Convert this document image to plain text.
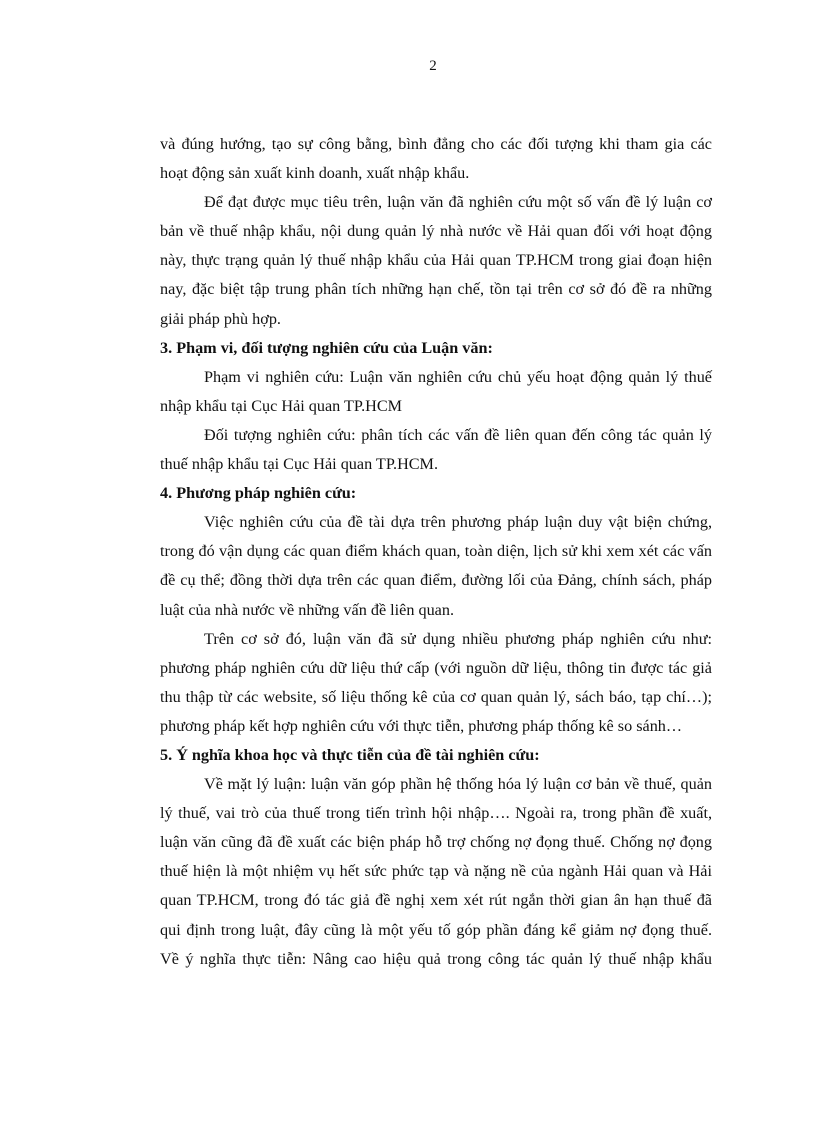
2
và đúng hướng, tạo sự công bằng, bình đẳng cho các đối tượng khi tham gia các
hoạt động sản xuất kinh doanh, xuất nhập khẩu.
Để đạt được mục tiêu trên, luận văn đã nghiên cứu một số vấn đề lý luận cơ
bản về thuế nhập khẩu, nội dung quản lý nhà nước về Hải quan đối với hoạt động
này, thực trạng quản lý thuế nhập khẩu của Hải quan TP.HCM trong giai đoạn hiện
nay, đặc biệt tập trung phân tích những hạn chế, tồn tại trên cơ sở đó đề ra những
giải pháp phù hợp.
3. Phạm vi, đối tượng nghiên cứu của Luận văn:
Phạm vi nghiên cứu: Luận văn nghiên cứu chủ yếu hoạt động quản lý thuế
nhập khẩu tại Cục Hải quan TP.HCM
Đối tượng nghiên cứu: phân tích các vấn đề liên quan đến công tác quản lý
thuế nhập khẩu tại Cục Hải quan TP.HCM.
4. Phương pháp nghiên cứu:
Việc nghiên cứu của đề tài dựa trên phương pháp luận duy vật biện chứng,
trong đó vận dụng các quan điểm khách quan, toàn diện, lịch sử khi xem xét các vấn
đề cụ thể; đồng thời dựa trên các quan điểm, đường lối của Đảng, chính sách, pháp
luật của nhà nước về những vấn đề liên quan.
Trên cơ sở đó, luận văn đã sử dụng nhiều phương pháp nghiên cứu như:
phương pháp nghiên cứu dữ liệu thứ cấp (với nguồn dữ liệu, thông tin được tác giả
thu thập từ các website, số liệu thống kê của cơ quan quản lý, sách báo, tạp chí…);
phương pháp kết hợp nghiên cứu với thực tiễn, phương pháp thống kê so sánh…
5. Ý nghĩa khoa học và thực tiễn của đề tài nghiên cứu:
Về mặt lý luận: luận văn góp phần hệ thống hóa lý luận cơ bản về thuế, quản
lý thuế, vai trò của thuế trong tiến trình hội nhập…. Ngoài ra, trong phần đề xuất,
luận văn cũng đã đề xuất các biện pháp hỗ trợ chống nợ đọng thuế. Chống nợ đọng
thuế hiện là một nhiệm vụ hết sức phức tạp và nặng nề của ngành Hải quan và Hải
quan TP.HCM, trong đó tác giả đề nghị xem xét rút ngắn thời gian ân hạn thuế đã
qui định trong luật, đây cũng là một yếu tố góp phần đáng kể giảm nợ đọng thuế.
Về ý nghĩa thực tiễn: Nâng cao hiệu quả trong công tác quản lý thuế nhập khẩu
